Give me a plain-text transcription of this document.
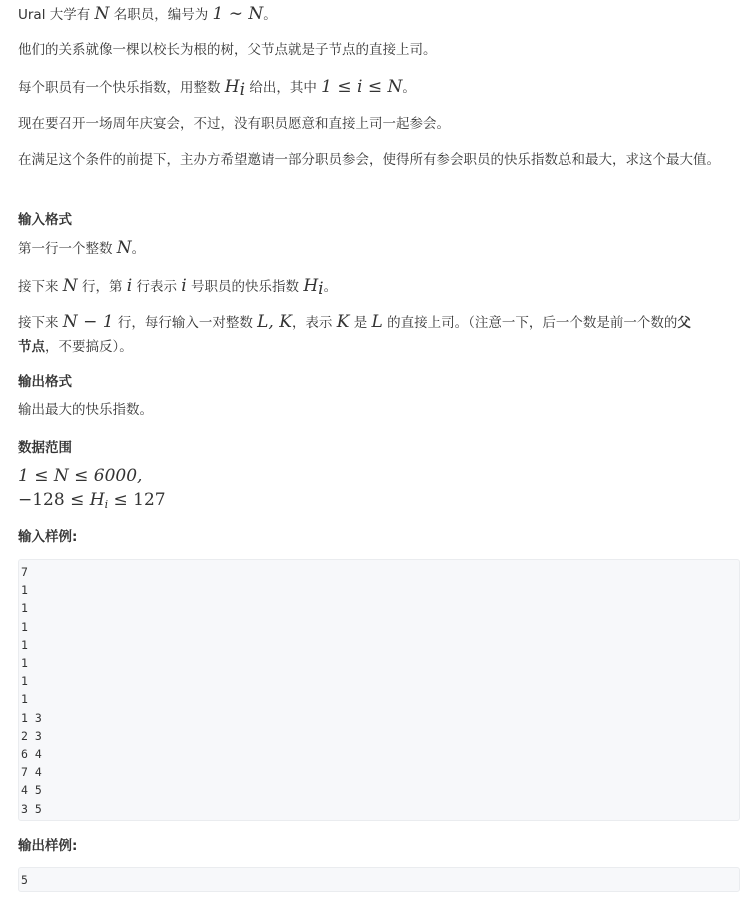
Ural 大学有 N 名职员，编号为 1 ∼ N。

他们的关系就像一棵以校长为根的树，父节点就是子节点的直接上司。

每个职员有一个快乐指数，用整数 $H_i$ 给出，其中 1 ≤ i ≤ N。

现在要召开一场周年庆宴会，不过，没有职员愿意和直接上司一起参会。

在满足这个条件的前提下，主办方希望邀请一部分职员参会，使得所有参会职员的快乐指数总和最大，求这个最大值。

输入格式

第一行一个整数 N。

接下来 N 行，第 i 行表示 i 号职员的快乐指数 $H_i$。

接下来 N − 1 行，每行输入一对整数 L, K，表示 K 是 L 的直接上司。（注意一下，后一个数是前一个数的父
节点，不要搞反）。

输出格式

输出最大的快乐指数。

数据范围
1 ≤ N ≤ 6000,
$-128 \le H_i \le 127$
输入样例:
7
1
1
1
1
1
1
1
1 3
2 3
6 4
7 4
4 5
3 5
输出样例:
5
